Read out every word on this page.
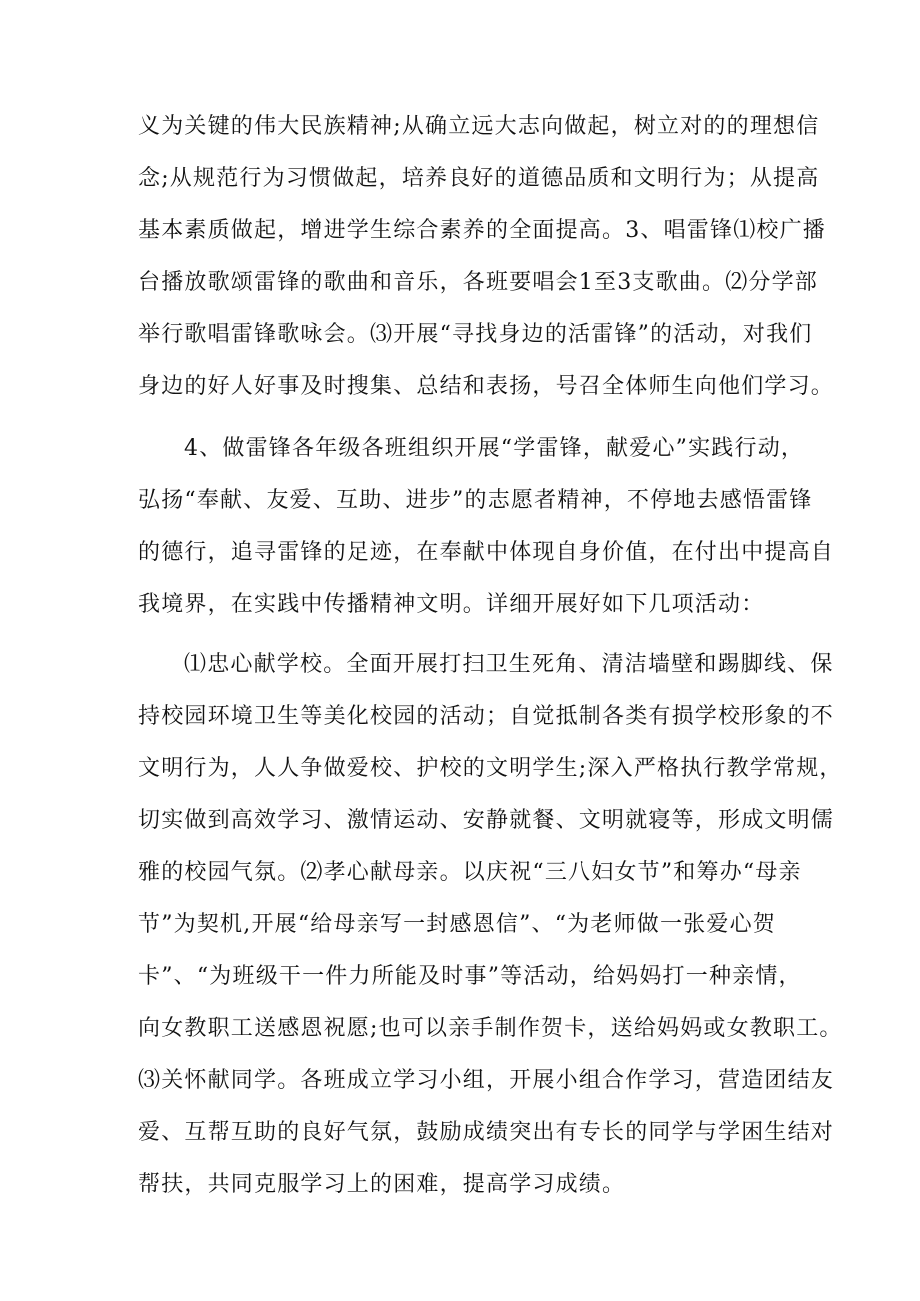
义为关键的伟大民族精神;从确立远大志向做起，树立对的的理想信
念;从规范行为习惯做起，培养良好的道德品质和文明行为；从提高
基本素质做起，增进学生综合素养的全面提高。3、唱雷锋⑴校广播
台播放歌颂雷锋的歌曲和音乐，各班要唱会1至3支歌曲。⑵分学部
举行歌唱雷锋歌咏会。⑶开展“寻找身边的活雷锋”的活动，对我们
身边的好人好事及时搜集、总结和表扬，号召全体师生向他们学习。
4、做雷锋各年级各班组织开展“学雷锋，献爱心”实践行动，
弘扬“奉献、友爱、互助、进步”的志愿者精神，不停地去感悟雷锋
的德行，追寻雷锋的足迹，在奉献中体现自身价值，在付出中提高自
我境界，在实践中传播精神文明。详细开展好如下几项活动：
⑴忠心献学校。全面开展打扫卫生死角、清洁墙壁和踢脚线、保
持校园环境卫生等美化校园的活动；自觉抵制各类有损学校形象的不
文明行为，人人争做爱校、护校的文明学生;深入严格执行教学常规，
切实做到高效学习、激情运动、安静就餐、文明就寝等，形成文明儒
雅的校园气氛。⑵孝心献母亲。以庆祝“三八妇女节”和筹办“母亲
节”为契机,开展“给母亲写一封感恩信”、“为老师做一张爱心贺
卡”、“为班级干一件力所能及时事”等活动，给妈妈打一种亲情，
向女教职工送感恩祝愿;也可以亲手制作贺卡，送给妈妈或女教职工。
⑶关怀献同学。各班成立学习小组，开展小组合作学习，营造团结友
爱、互帮互助的良好气氛，鼓励成绩突出有专长的同学与学困生结对
帮扶，共同克服学习上的困难，提高学习成绩。
